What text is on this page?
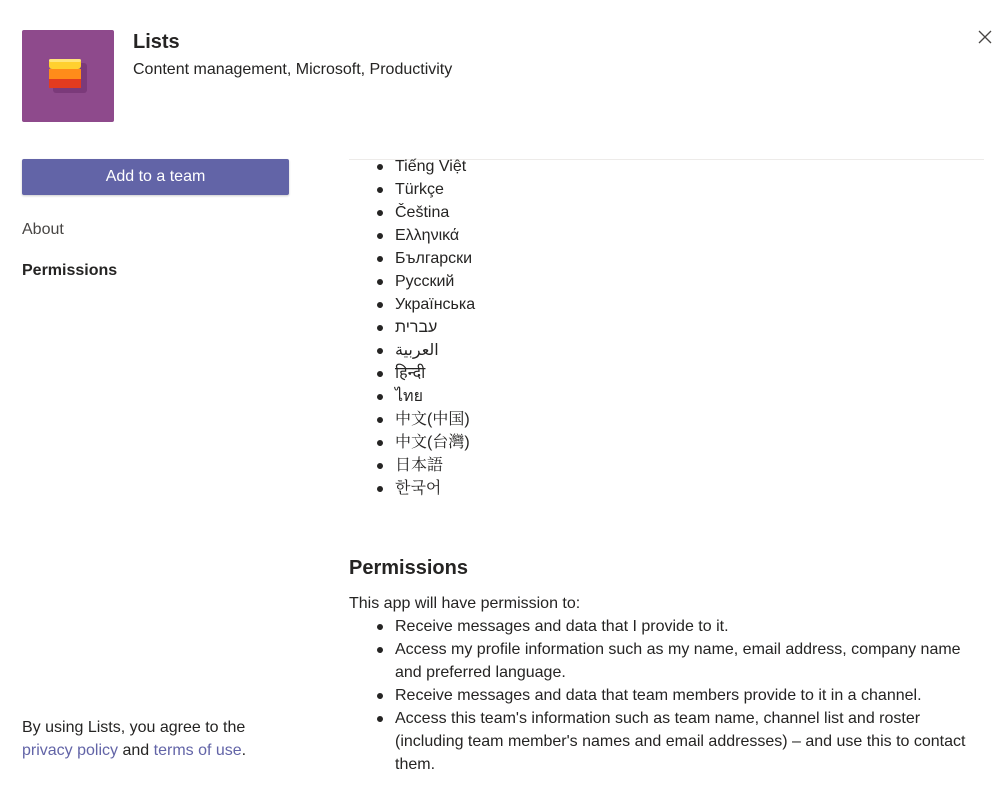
Lists
Content management, Microsoft, Productivity
Add to a team
About
Permissions
By using Lists, you agree to the
privacy policy and terms of use.
Tiếng Việt
Türkçe
Čeština
Ελληνικά
Български
Русский
Українська
עברית
العربية
हिन्दी
ไทย
中文(中国)
中文(台灣)
日本語
한국어
Permissions
This app will have permission to:
Receive messages and data that I provide to it.
Access my profile information such as my name, email address, company name and preferred language.
Receive messages and data that team members provide to it in a channel.
Access this team's information such as team name, channel list and roster (including team member's names and email addresses) – and use this to contact them.
